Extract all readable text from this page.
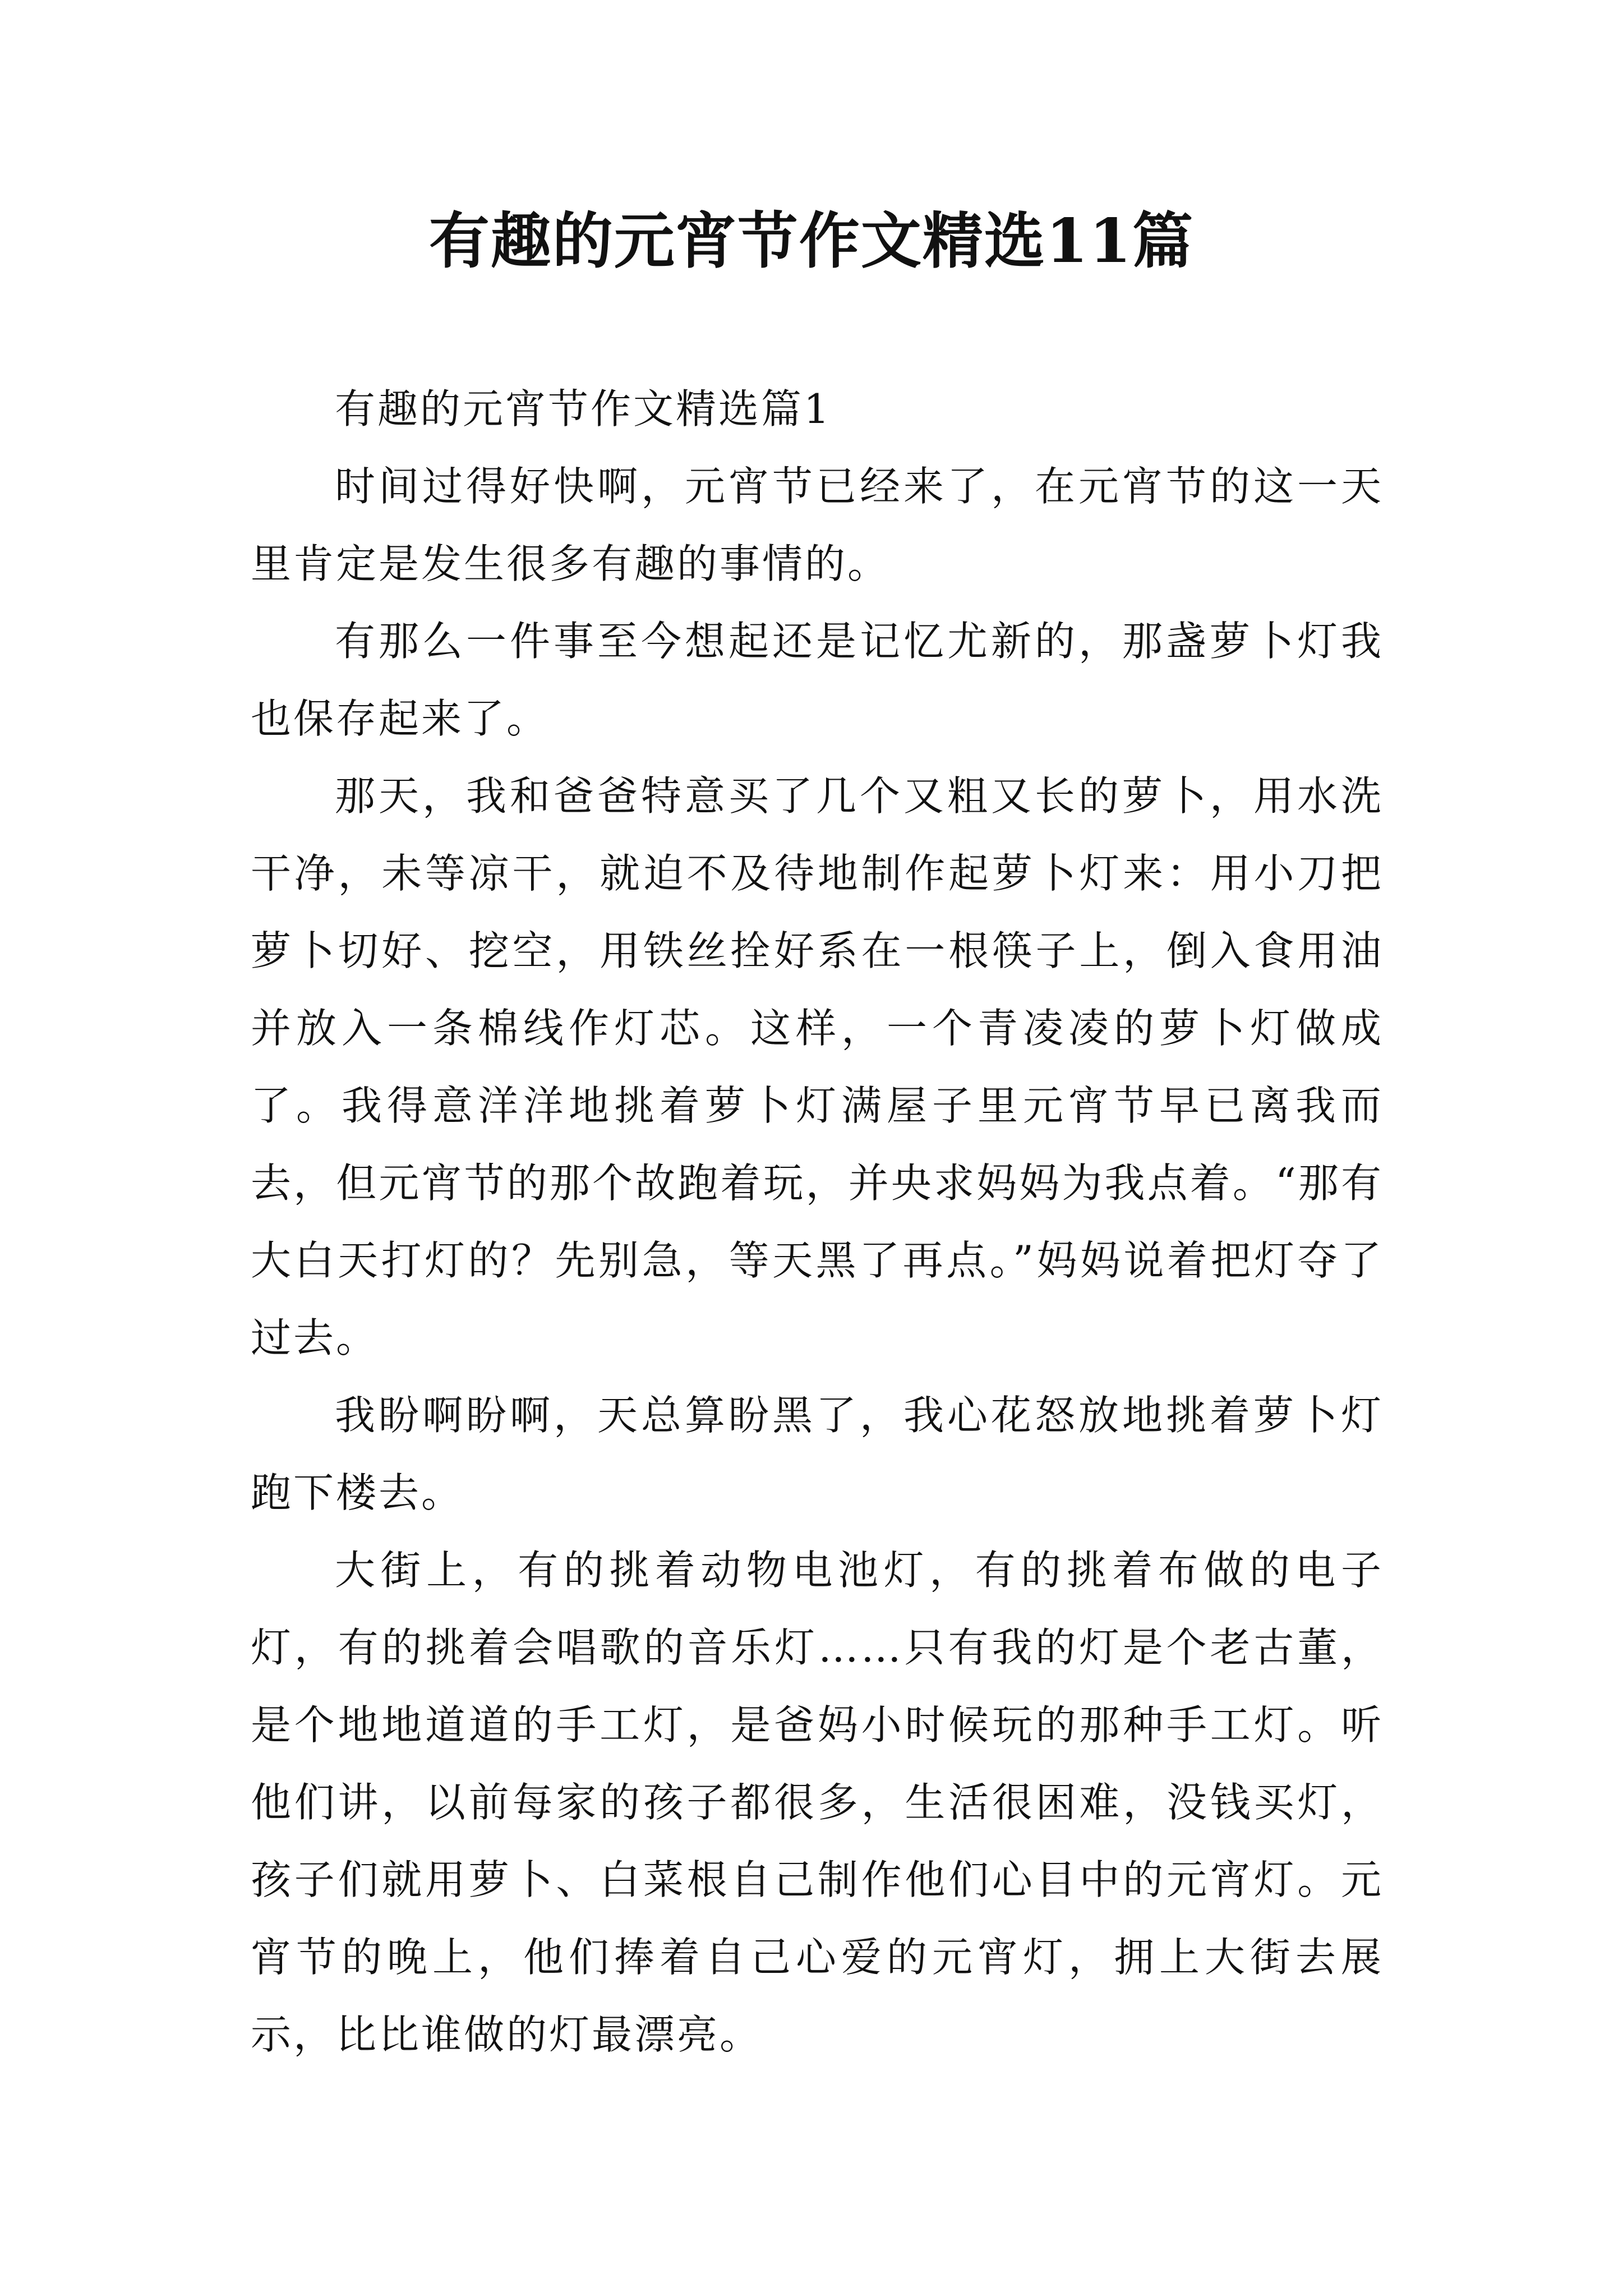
有趣的元宵节作文精选11篇

有趣的元宵节作文精选篇1

时间过得好快啊，元宵节已经来了，在元宵节的这一天里肯定是发生很多有趣的事情的。

有那么一件事至今想起还是记忆尤新的，那盏萝卜灯我也保存起来了。

那天，我和爸爸特意买了几个又粗又长的萝卜，用水洗干净，未等凉干，就迫不及待地制作起萝卜灯来：用小刀把萝卜切好、挖空，用铁丝拴好系在一根筷子上，倒入食用油并放入一条棉线作灯芯。这样，一个青凌凌的萝卜灯做成了。我得意洋洋地挑着萝卜灯满屋子里元宵节早已离我而去，但元宵节的那个故跑着玩，并央求妈妈为我点着。“那有大白天打灯的？先别急，等天黑了再点。”妈妈说着把灯夺了过去。

我盼啊盼啊，天总算盼黑了，我心花怒放地挑着萝卜灯跑下楼去。

大街上，有的挑着动物电池灯，有的挑着布做的电子灯，有的挑着会唱歌的音乐灯……只有我的灯是个老古董，是个地地道道的手工灯，是爸妈小时候玩的那种手工灯。听他们讲，以前每家的孩子都很多，生活很困难，没钱买灯，孩子们就用萝卜、白菜根自己制作他们心目中的元宵灯。元宵节的晚上，他们捧着自己心爱的元宵灯，拥上大街去展示，比比谁做的灯最漂亮。
